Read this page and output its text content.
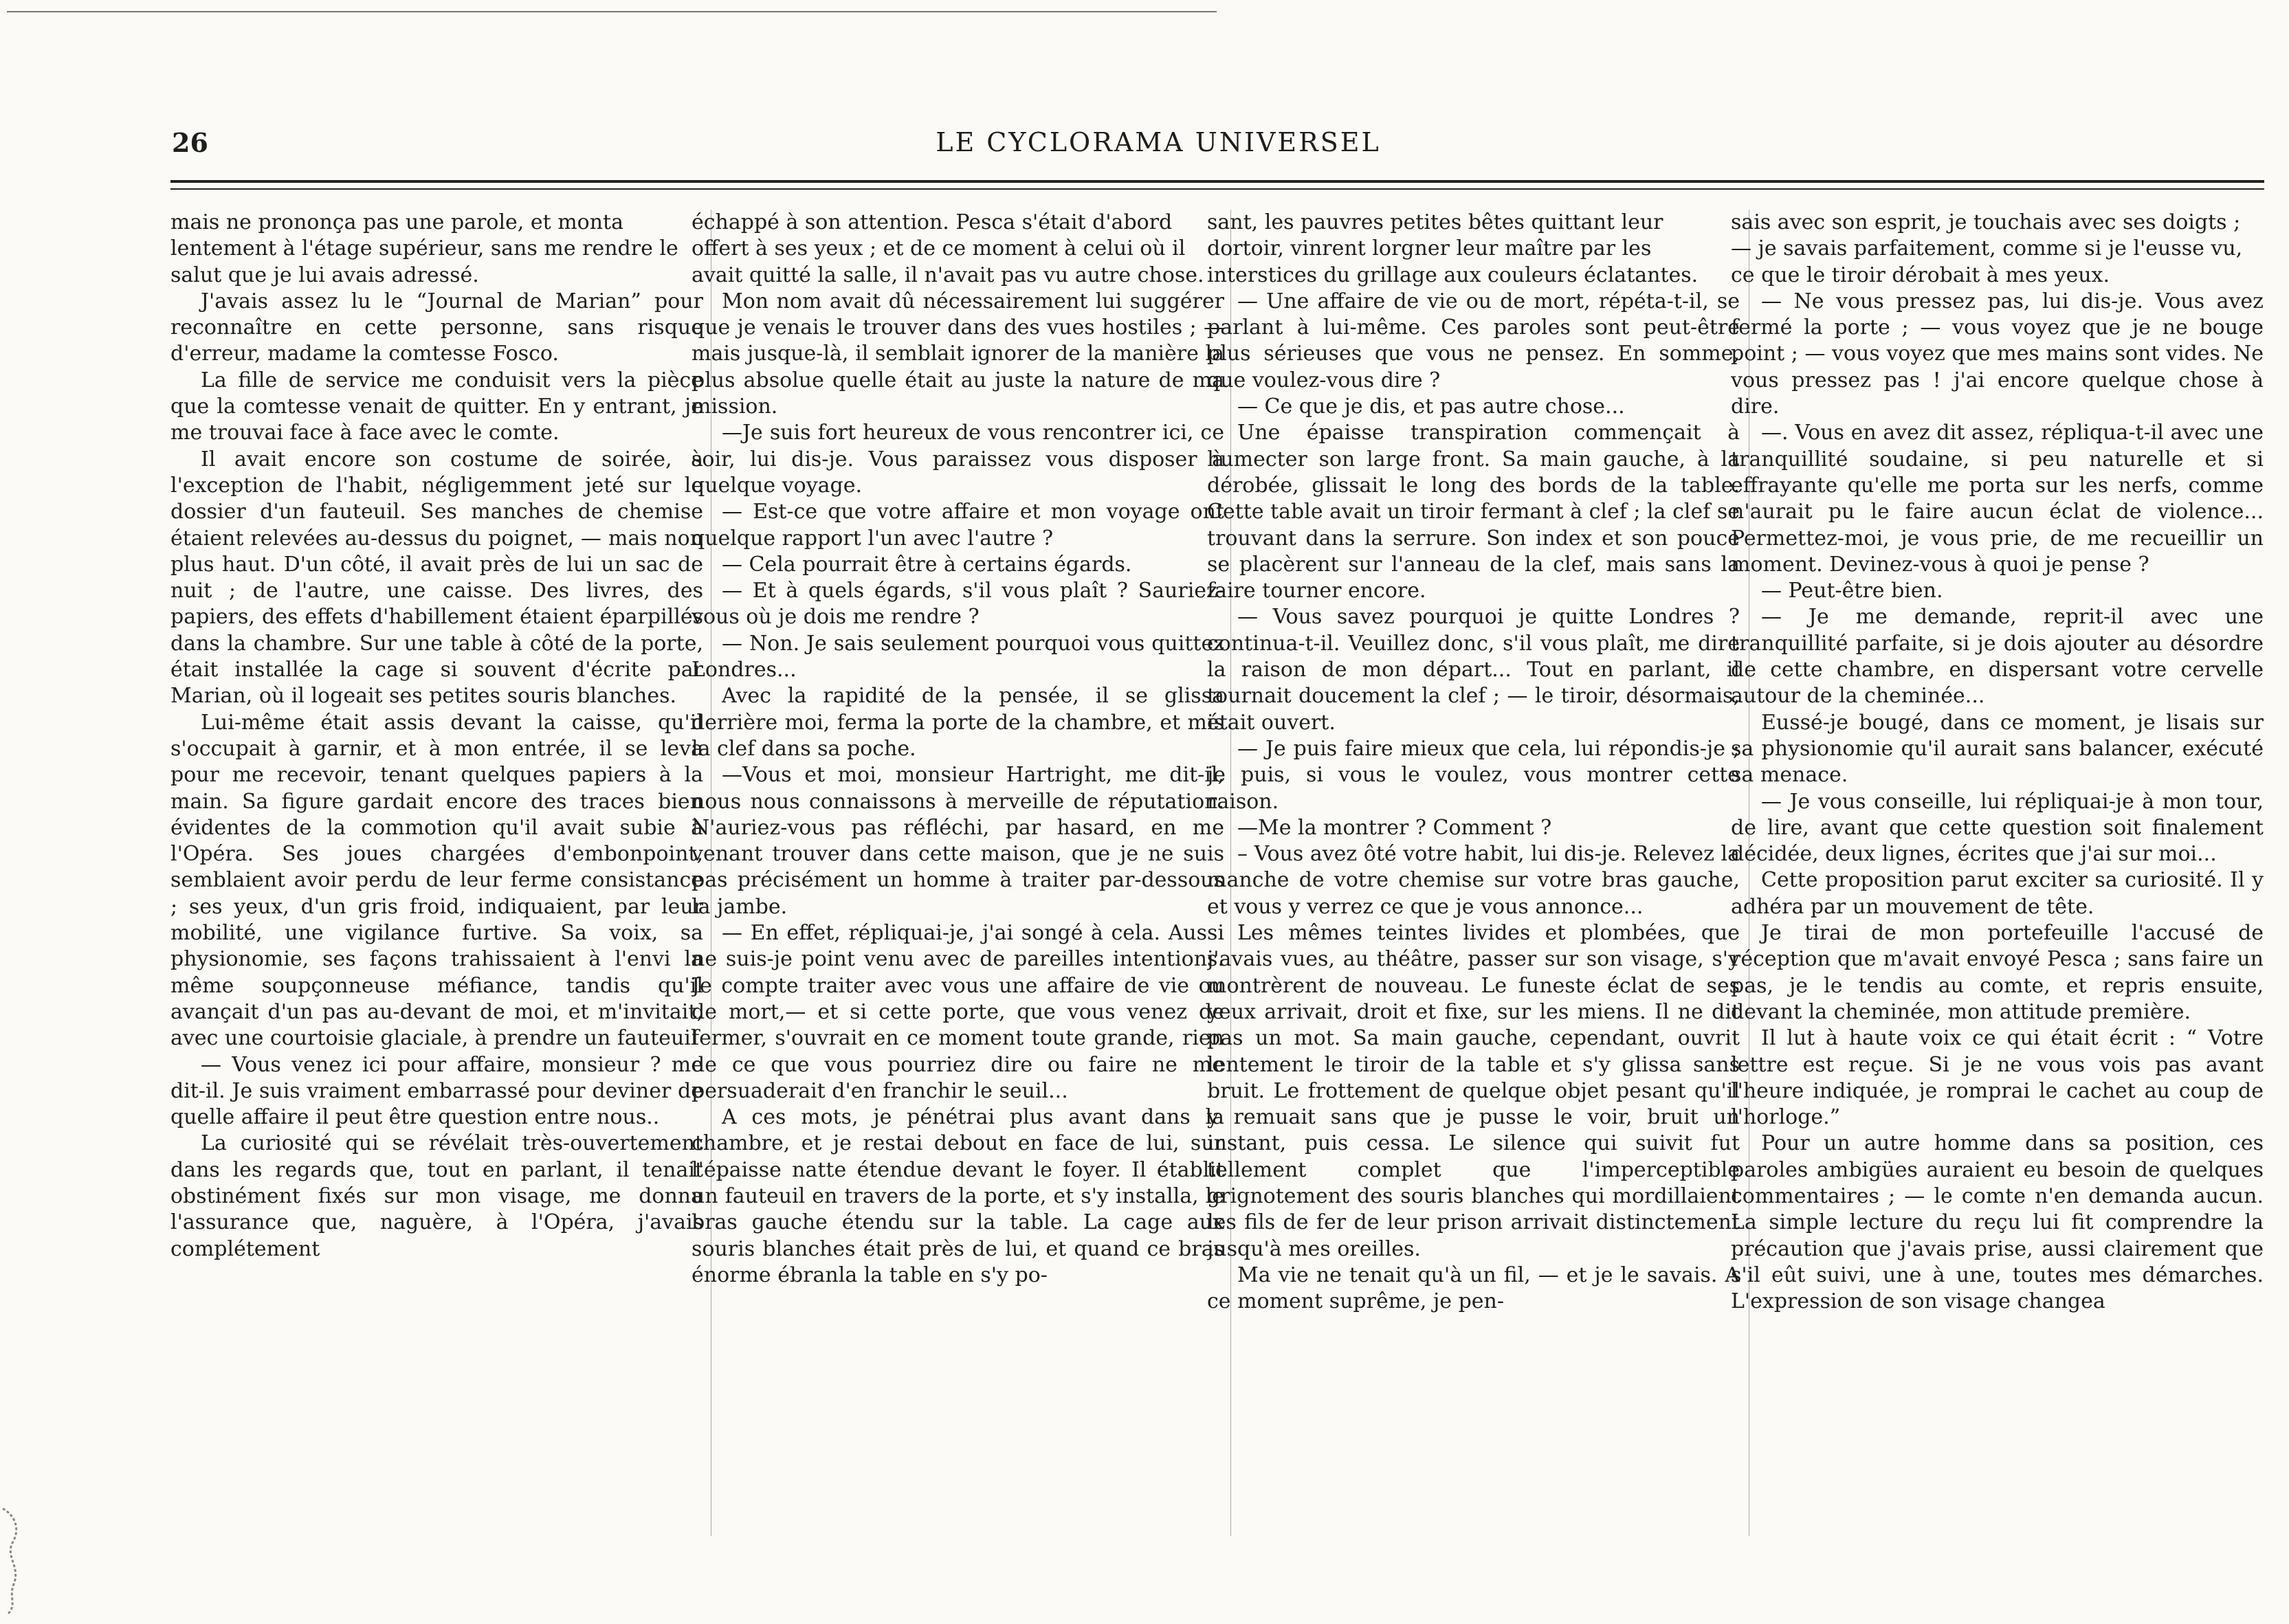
26	LE CYCLORAMA UNIVERSEL

mais ne prononça pas une parole, et monta lentement à l'étage supérieur, sans me rendre le salut que je lui avais adressé.

J'avais assez lu le “Journal de Marian” pour reconnaître en cette personne, sans risque d'erreur, madame la comtesse Fosco.

La fille de service me conduisit vers la pièce que la comtesse venait de quitter. En y entrant, je me trouvai face à face avec le comte.

Il avait encore son costume de soirée, à l'exception de l'habit, négligemment jeté sur le dossier d'un fauteuil. Ses manches de chemise étaient relevées au-dessus du poignet, — mais non plus haut. D'un côté, il avait près de lui un sac de nuit ; de l'autre, une caisse. Des livres, des papiers, des effets d'habillement étaient éparpillés dans la chambre. Sur une table à côté de la porte, était installée la cage si souvent d'écrite par Marian, où il logeait ses petites souris blanches.

Lui-même était assis devant la caisse, qu'il s'occupait à garnir, et à mon entrée, il se leva pour me recevoir, tenant quelques papiers à la main. Sa figure gardait encore des traces bien évidentes de la commotion qu'il avait subie à l'Opéra. Ses joues chargées d'embonpoint, semblaient avoir perdu de leur ferme consistance ; ses yeux, d'un gris froid, indiquaient, par leur mobilité, une vigilance furtive. Sa voix, sa physionomie, ses façons trahissaient à l'envi la même soupçonneuse méfiance, tandis qu'il avançait d'un pas au-devant de moi, et m'invitait, avec une courtoisie glaciale, à prendre un fauteuil

— Vous venez ici pour affaire, monsieur ? me dit-il. Je suis vraiment embarrassé pour deviner de quelle affaire il peut être question entre nous..

La curiosité qui se révélait très-ouvertement dans les regards que, tout en parlant, il tenait obstinément fixés sur mon visage, me donna l'assurance que, naguère, à l'Opéra, j'avais complétement

échappé à son attention. Pesca s'était d'abord offert à ses yeux ; et de ce moment à celui où il avait quitté la salle, il n'avait pas vu autre chose.

Mon nom avait dû nécessairement lui suggérer que je venais le trouver dans des vues hostiles ; — mais jusque-là, il semblait ignorer de la manière la plus absolue quelle était au juste la nature de ma mission.

—Je suis fort heureux de vous rencontrer ici, ce soir, lui dis-je. Vous paraissez vous disposer à quelque voyage.

— Est-ce que votre affaire et mon voyage ont quelque rapport l'un avec l'autre ?

— Cela pourrait être à certains égards.

— Et à quels égards, s'il vous plaît ? Sauriez-vous où je dois me rendre ?

— Non. Je sais seulement pourquoi vous quittez Londres...

Avec la rapidité de la pensée, il se glissa derrière moi, ferma la porte de la chambre, et mis la clef dans sa poche.

—Vous et moi, monsieur Hartright, me dit-il, nous nous connaissons à merveille de réputation. N'auriez-vous pas réfléchi, par hasard, en me venant trouver dans cette maison, que je ne suis pas précisément un homme à traiter par-dessous la jambe.

— En effet, répliquai-je, j'ai songé à cela. Aussi ne suis-je point venu avec de pareilles intentions. Je compte traiter avec vous une affaire de vie ou de mort,— et si cette porte, que vous venez de fermer, s'ouvrait en ce moment toute grande, rien de ce que vous pourriez dire ou faire ne me persuaderait d'en franchir le seuil...

A ces mots, je pénétrai plus avant dans la chambre, et je restai debout en face de lui, sur l'épaisse natte étendue devant le foyer. Il établit un fauteuil en travers de la porte, et s'y installa, le bras gauche étendu sur la table. La cage aux souris blanches était près de lui, et quand ce bras énorme ébranla la table en s'y po-

sant, les pauvres petites bêtes quittant leur dortoir, vinrent lorgner leur maître par les interstices du grillage aux couleurs éclatantes.

— Une affaire de vie ou de mort, répéta-t-il, se parlant à lui-même. Ces paroles sont peut-être plus sérieuses que vous ne pensez. En somme, que voulez-vous dire ?

— Ce que je dis, et pas autre chose...

Une épaisse transpiration commençait à humecter son large front. Sa main gauche, à la dérobée, glissait le long des bords de la table. Cette table avait un tiroir fermant à clef ; la clef se trouvant dans la serrure. Son index et son pouce se placèrent sur l'anneau de la clef, mais sans la faire tourner encore.

— Vous savez pourquoi je quitte Londres ? continua-t-il. Veuillez donc, s'il vous plaît, me dire la raison de mon départ... Tout en parlant, il tournait doucement la clef ; — le tiroir, désormais, était ouvert.

— Je puis faire mieux que cela, lui répondis-je ; je puis, si vous le voulez, vous montrer cette raison.

—Me la montrer ? Comment ?

– Vous avez ôté votre habit, lui dis-je. Relevez la manche de votre chemise sur votre bras gauche, et vous y verrez ce que je vous annonce...

Les mêmes teintes livides et plombées, que j'avais vues, au théâtre, passer sur son visage, s'y montrèrent de nouveau. Le funeste éclat de ses yeux arrivait, droit et fixe, sur les miens. Il ne dit pas un mot. Sa main gauche, cependant, ouvrit lentement le tiroir de la table et s'y glissa sans bruit. Le frottement de quelque objet pesant qu'il y remuait sans que je pusse le voir, bruit un instant, puis cessa. Le silence qui suivit fut tellement complet que l'imperceptible grignotement des souris blanches qui mordillaient les fils de fer de leur prison arrivait distinctement jusqu'à mes oreilles.

Ma vie ne tenait qu'à un fil, — et je le savais. A ce moment suprême, je pen-

sais avec son esprit, je touchais avec ses doigts ; — je savais parfaitement, comme si je l'eusse vu, ce que le tiroir dérobait à mes yeux.

— Ne vous pressez pas, lui dis-je. Vous avez fermé la porte ; — vous voyez que je ne bouge point ; — vous voyez que mes mains sont vides. Ne vous pressez pas ! j'ai encore quelque chose à dire.

—. Vous en avez dit assez, répliqua-t-il avec une tranquillité soudaine, si peu naturelle et si effrayante qu'elle me porta sur les nerfs, comme n'aurait pu le faire aucun éclat de violence... Permettez-moi, je vous prie, de me recueillir un moment. Devinez-vous à quoi je pense ?

— Peut-être bien.

— Je me demande, reprit-il avec une tranquillité parfaite, si je dois ajouter au désordre de cette chambre, en dispersant votre cervelle autour de la cheminée...

Eussé-je bougé, dans ce moment, je lisais sur sa physionomie qu'il aurait sans balancer, exécuté sa menace.

— Je vous conseille, lui répliquai-je à mon tour, de lire, avant que cette question soit finalement décidée, deux lignes, écrites que j'ai sur moi...

Cette proposition parut exciter sa curiosité. Il y adhéra par un mouvement de tête.

Je tirai de mon portefeuille l'accusé de réception que m'avait envoyé Pesca ; sans faire un pas, je le tendis au comte, et repris ensuite, devant la cheminée, mon attitude première.

Il lut à haute voix ce qui était écrit : “ Votre lettre est reçue. Si je ne vous vois pas avant l'heure indiquée, je romprai le cachet au coup de l'horloge.”

Pour un autre homme dans sa position, ces paroles ambigües auraient eu besoin de quelques commentaires ; — le comte n'en demanda aucun. La simple lecture du reçu lui fit comprendre la précaution que j'avais prise, aussi clairement que s'il eût suivi, une à une, toutes mes démarches. L'expression de son visage changea
